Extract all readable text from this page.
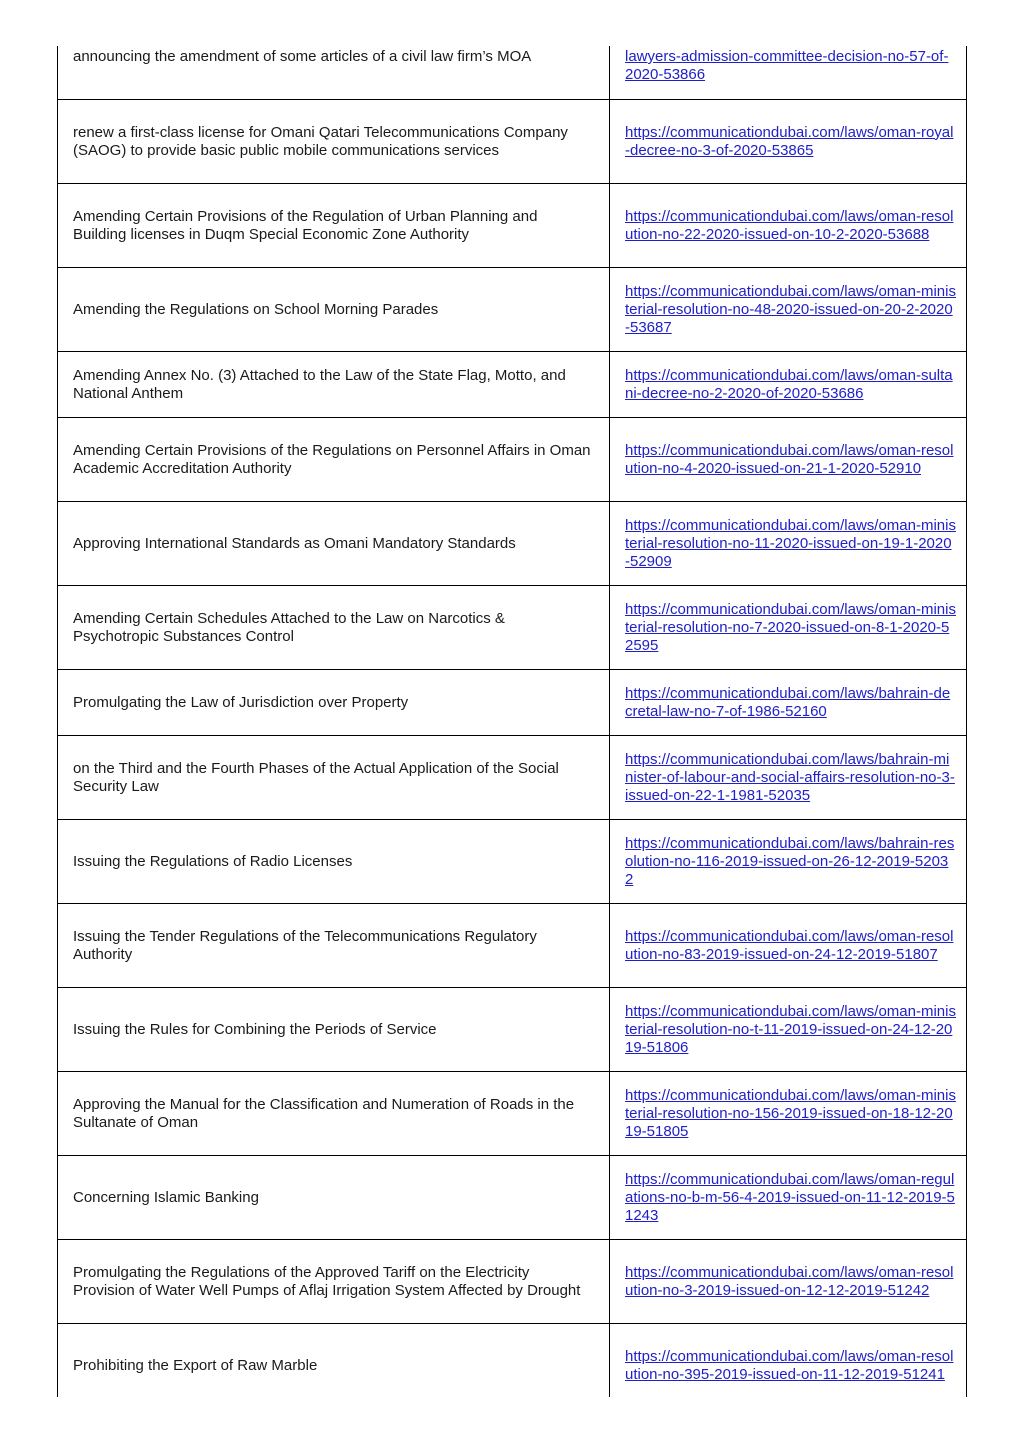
announcing the amendment of some articles of a civil law firm’s MOA	lawyers-admission-committee-decision-no-57-of-2020-53866
renew a first-class license for Omani Qatari Telecommunications Company (SAOG) to provide basic public mobile communications services
https://communicationdubai.com/laws/oman-royal-decree-no-3-of-2020-53865
Amending Certain Provisions of the Regulation of Urban Planning and Building licenses in Duqm Special Economic Zone Authority
https://communicationdubai.com/laws/oman-resolution-no-22-2020-issued-on-10-2-2020-53688
Amending the Regulations on School Morning Parades
https://communicationdubai.com/laws/oman-ministerial-resolution-no-48-2020-issued-on-20-2-2020-53687
Amending Annex No. (3) Attached to the Law of the State Flag, Motto, and National Anthem
https://communicationdubai.com/laws/oman-sultani-decree-no-2-2020-of-2020-53686
Amending Certain Provisions of the Regulations on Personnel Affairs in Oman Academic Accreditation Authority
https://communicationdubai.com/laws/oman-resolution-no-4-2020-issued-on-21-1-2020-52910
Approving International Standards as Omani Mandatory Standards
https://communicationdubai.com/laws/oman-ministerial-resolution-no-11-2020-issued-on-19-1-2020-52909
Amending Certain Schedules Attached to the Law on Narcotics & Psychotropic Substances Control
https://communicationdubai.com/laws/oman-ministerial-resolution-no-7-2020-issued-on-8-1-2020-52595
Promulgating the Law of Jurisdiction over Property
https://communicationdubai.com/laws/bahrain-decretal-law-no-7-of-1986-52160
on the Third and the Fourth Phases of the Actual Application of the Social Security Law
https://communicationdubai.com/laws/bahrain-minister-of-labour-and-social-affairs-resolution-no-3-issued-on-22-1-1981-52035
Issuing the Regulations of Radio Licenses
https://communicationdubai.com/laws/bahrain-resolution-no-116-2019-issued-on-26-12-2019-52032
Issuing the Tender Regulations of the Telecommunications Regulatory Authority
https://communicationdubai.com/laws/oman-resolution-no-83-2019-issued-on-24-12-2019-51807
Issuing the Rules for Combining the Periods of Service
https://communicationdubai.com/laws/oman-ministerial-resolution-no-t-11-2019-issued-on-24-12-2019-51806
Approving the Manual for the Classification and Numeration of Roads in the Sultanate of Oman
https://communicationdubai.com/laws/oman-ministerial-resolution-no-156-2019-issued-on-18-12-2019-51805
Concerning Islamic Banking
https://communicationdubai.com/laws/oman-regulations-no-b-m-56-4-2019-issued-on-11-12-2019-51243
Promulgating the Regulations of the Approved Tariff on the Electricity Provision of Water Well Pumps of Aflaj Irrigation System Affected by Drought
https://communicationdubai.com/laws/oman-resolution-no-3-2019-issued-on-12-12-2019-51242
Prohibiting the Export of Raw Marble
https://communicationdubai.com/laws/oman-resolution-no-395-2019-issued-on-11-12-2019-51241
